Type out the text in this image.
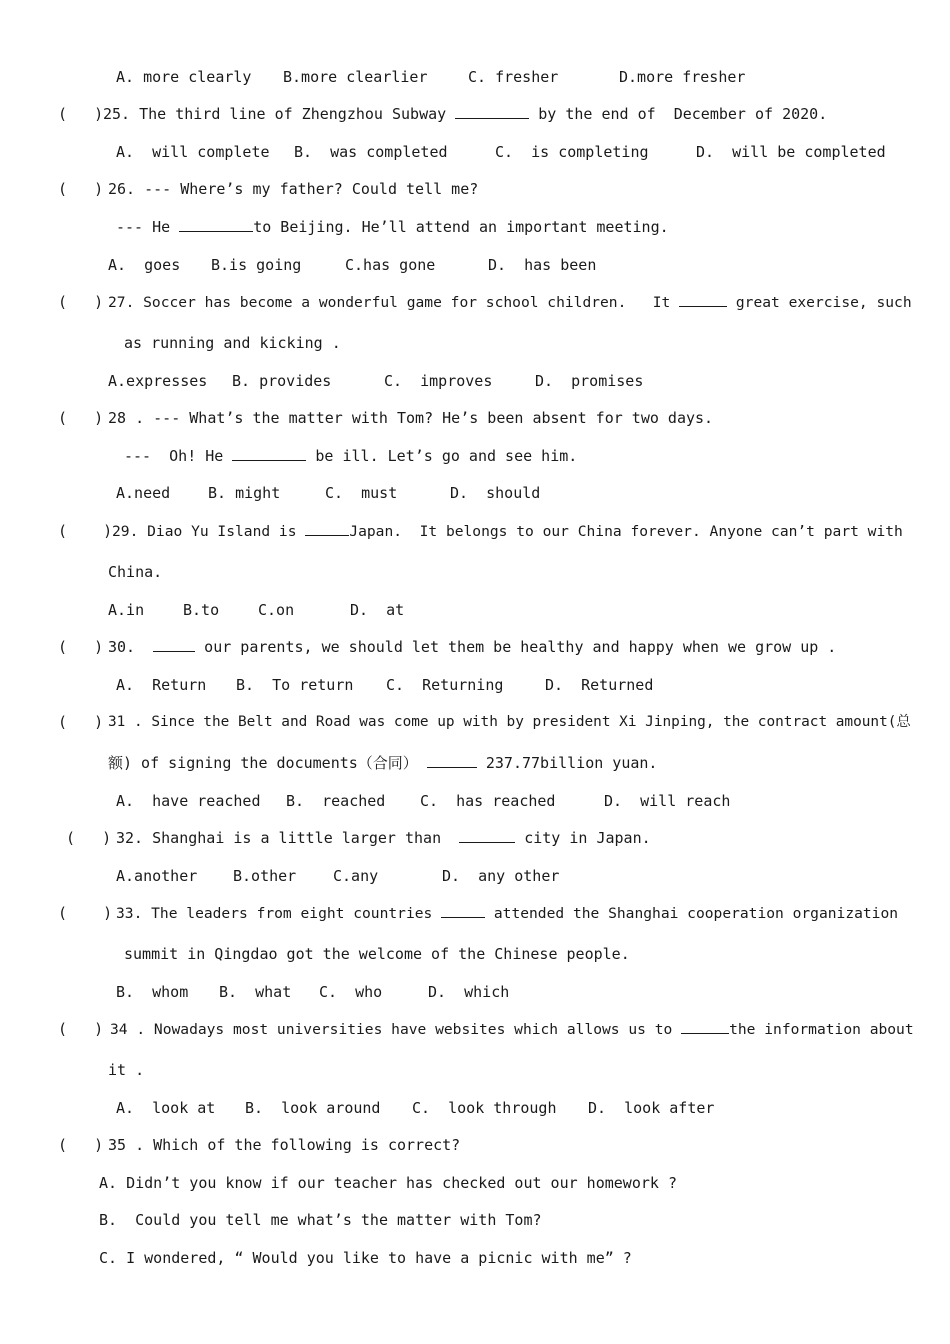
A. more clearly B.more clearlier	C. fresher	D.more fresher
(   ) 25. The third line of Zhengzhou Subway	by the end of  December of 2020.
A.  will complete B.  was completed	C.  is completing	D.  will be completed
(   ) 26. --- Where’s my father? Could tell me?
--- He	to Beijing. He’ll attend an important meeting.
A.  goes B.is going	C.has gone	D.  has been
(   ) 27. Soccer has become a wonderful game for school children.   It	great exercise, such
as running and kicking .
A.expresses B. provides	C.  improves	D.  promises
(   ) 28 . --- What’s the matter with Tom? He’s been absent for two days.
---  Oh! He	be ill. Let’s go and see him.
A.need	B. might	C.  must	D.  should
(    ) 29. Diao Yu Island is	Japan.  It belongs to our China forever. Anyone can’t part with
China.
A.in	B.to	C.on	D.  at
(   ) 30.	our parents, we should let them be healthy and happy when we grow up .
A.  Return B.  To return C.  Returning	D.  Returned
(   ) 31 . Since the Belt and Road was come up with by president Xi Jinping, the contract amount(总
额) of signing the documents（合同）	237.77billion yuan.
A.  have reached B.  reached C.  has reached	D.  will reach
(   ) 32. Shanghai is a little larger than	city in Japan.
A.another B.other C.any	D.  any other
(    ) 33. The leaders from eight countries	attended the Shanghai cooperation organization
summit in Qingdao got the welcome of the Chinese people.
B.  whom B.  what C.  who	D.  which
(   ) 34 . Nowadays most universities have websites which allows us to	the information about
it .
A.  look at B.  look around C.  look through D.  look after
(   ) 35 . Which of the following is correct?
A. Didn’t you know if our teacher has checked out our homework ?
B.  Could you tell me what’s the matter with Tom?
C. I wondered, “ Would you like to have a picnic with me” ?
